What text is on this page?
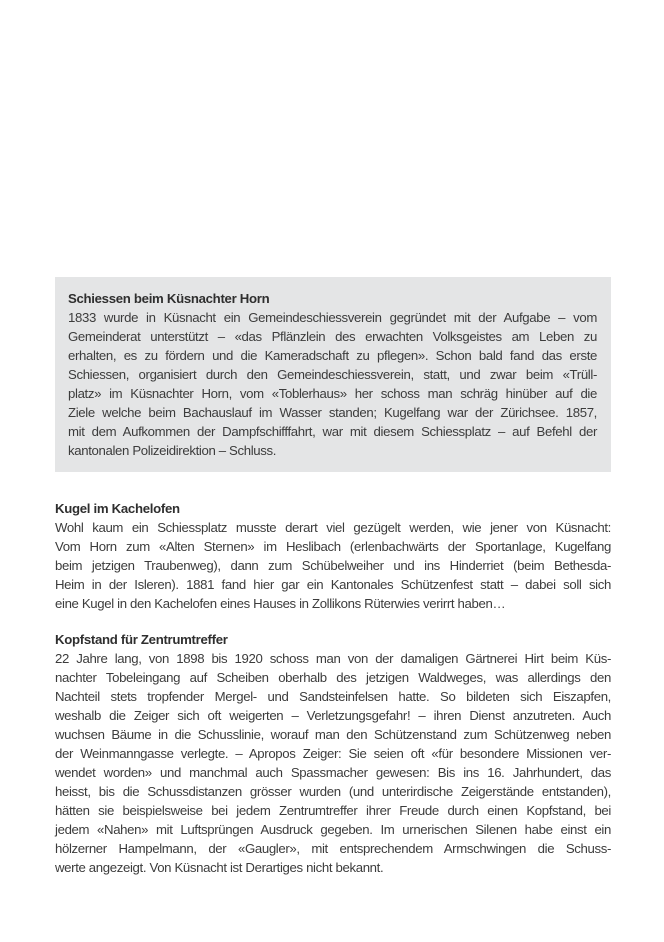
Schiessen beim Küsnachter Horn
1833 wurde in Küsnacht ein Gemeindeschiessverein gegründet mit der Aufgabe – vom
Gemeinderat unterstützt – «das Pflänzlein des erwachten Volksgeistes am Leben zu
erhalten, es zu fördern und die Kameradschaft zu pflegen». Schon bald fand das erste
Schiessen, organisiert durch den Gemeindeschiessverein, statt, und zwar beim «Trüll-
platz» im Küsnachter Horn, vom «Toblerhaus» her schoss man schräg hinüber auf die
Ziele welche beim Bachauslauf im Wasser standen; Kugelfang war der Zürichsee. 1857,
mit dem Aufkommen der Dampfschifffahrt, war mit diesem Schiessplatz – auf Befehl der
kantonalen Polizeidirektion – Schluss.
Kugel im Kachelofen
Wohl kaum ein Schiessplatz musste derart viel gezügelt werden, wie jener von Küsnacht:
Vom Horn zum «Alten Sternen» im Heslibach (erlenbachwärts der Sportanlage, Kugelfang
beim jetzigen Traubenweg), dann zum Schübelweiher und ins Hinderriet (beim Bethesda-
Heim in der Isleren). 1881 fand hier gar ein Kantonales Schützenfest statt – dabei soll sich
eine Kugel in den Kachelofen eines Hauses in Zollikons Rüterwies verirrt haben…
Kopfstand für Zentrumtreffer
22 Jahre lang, von 1898 bis 1920 schoss man von der damaligen Gärtnerei Hirt beim Küs-
nachter Tobeleingang auf Scheiben oberhalb des jetzigen Waldweges, was allerdings den
Nachteil stets tropfender Mergel- und Sandsteinfelsen hatte. So bildeten sich Eiszapfen,
weshalb die Zeiger sich oft weigerten – Verletzungsgefahr! – ihren Dienst anzutreten. Auch
wuchsen Bäume in die Schusslinie, worauf man den Schützenstand zum Schützenweg neben
der Weinmanngasse verlegte. – Apropos Zeiger: Sie seien oft «für besondere Missionen ver-
wendet worden» und manchmal auch Spassmacher gewesen: Bis ins 16. Jahrhundert, das
heisst, bis die Schussdistanzen grösser wurden (und unterirdische Zeigerstände entstanden),
hätten sie beispielsweise bei jedem Zentrumtreffer ihrer Freude durch einen Kopfstand, bei
jedem «Nahen» mit Luftsprüngen Ausdruck gegeben. Im urnerischen Silenen habe einst ein
hölzerner Hampelmann, der «Gaugler», mit entsprechendem Armschwingen die Schuss-
werte angezeigt. Von Küsnacht ist Derartiges nicht bekannt.
